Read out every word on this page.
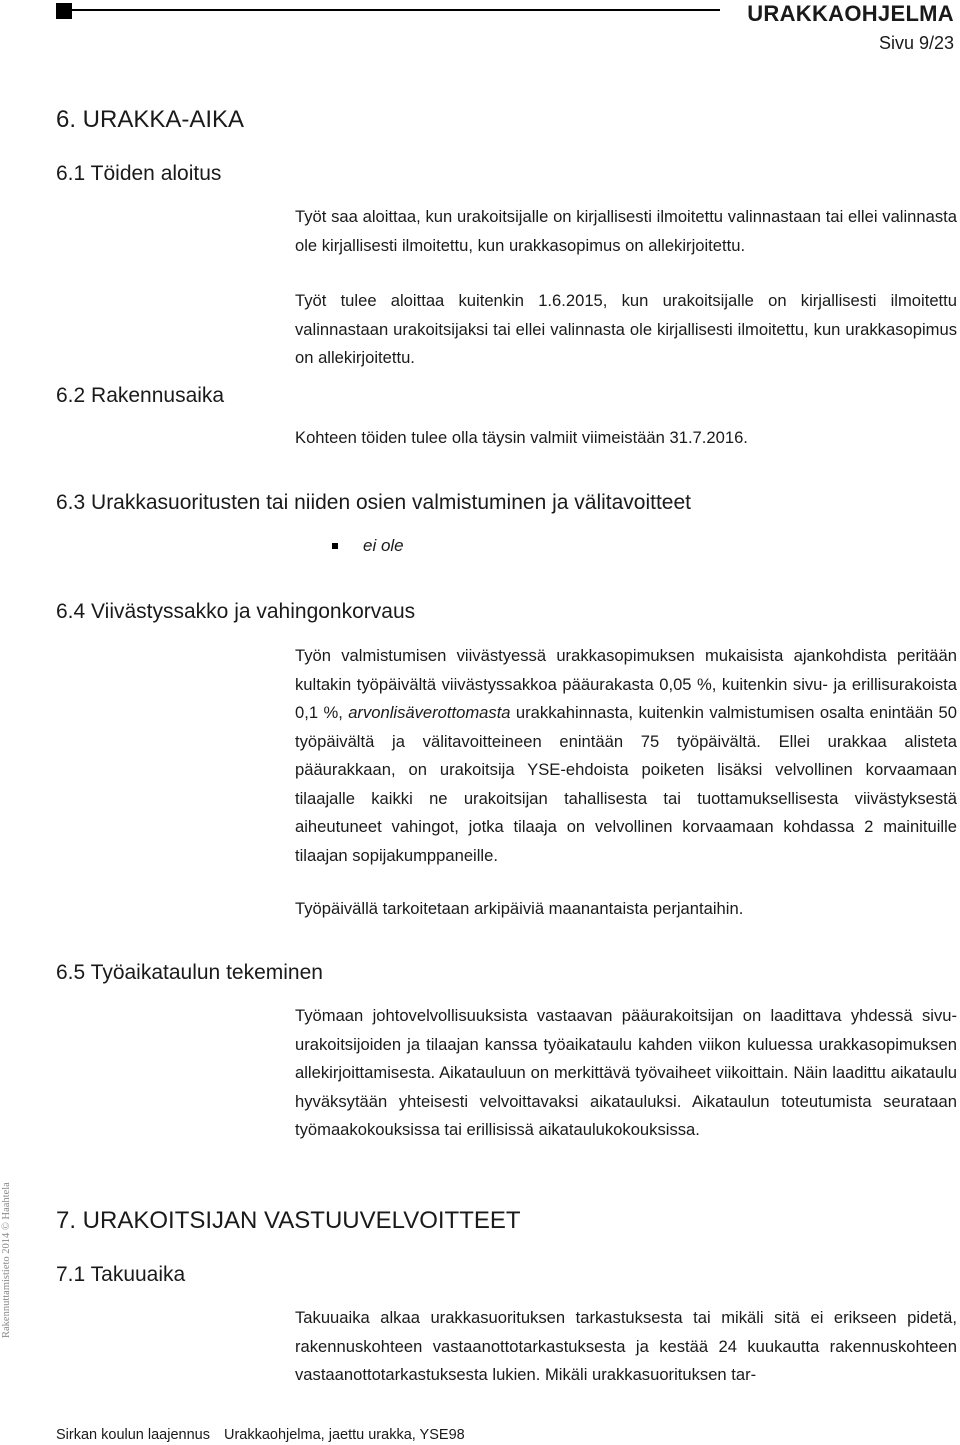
URAKKAOHJELMA
Sivu 9/23
6. URAKKA-AIKA
6.1 Töiden aloitus
Työt saa aloittaa, kun urakoitsijalle on kirjallisesti ilmoitettu valinnastaan tai ellei valinnasta ole kirjallisesti ilmoitettu, kun urakkasopimus on allekirjoitettu.
Työt tulee aloittaa kuitenkin 1.6.2015, kun urakoitsijalle on kirjallisesti ilmoitettu valinnastaan urakoitsijaksi tai ellei valinnasta ole kirjallisesti ilmoitettu, kun urakkasopimus on allekirjoitettu.
6.2 Rakennusaika
Kohteen töiden tulee olla täysin valmiit viimeistään 31.7.2016.
6.3 Urakkasuoritusten tai niiden osien valmistuminen ja välitavoitteet
ei ole
6.4 Viivästyssakko ja vahingonkorvaus
Työn valmistumisen viivästyessä urakkasopimuksen mukaisista ajankohdista peritään kultakin työpäivältä viivästyssakkoa pääurakasta 0,05 %, kuitenkin sivu- ja erillisurakoista 0,1 %, arvonlisäverottomasta urakkahinnasta, kuitenkin valmistumisen osalta enintään 50 työpäivältä ja välitavoitteineen enintään 75 työpäivältä. Ellei urakkaa alisteta pääurakkaan, on urakoitsija YSE-ehdoista poiketen lisäksi velvollinen korvaamaan tilaajalle kaikki ne urakoitsijan tahallisesta tai tuottamuksellisesta viivästyksestä aiheutuneet vahingot, jotka tilaaja on velvollinen korvaamaan kohdassa 2 mainituille tilaajan sopijakumppaneille.
Työpäivällä tarkoitetaan arkipäiviä maanantaista perjantaihin.
6.5 Työaikataulun tekeminen
Työmaan johtovelvollisuuksista vastaavan pääurakoitsijan on laadittava yhdessä sivu-urakoitsijoiden ja tilaajan kanssa työaikataulu kahden viikon kuluessa urakkasopimuksen allekirjoittamisesta. Aikatauluun on merkittävä työvaiheet viikoittain. Näin laadittu aikataulu hyväksytään yhteisesti velvoittavaksi aikatauluksi. Aikataulun toteutumista seurataan työmaakokouksissa tai erillisissä aikataulukokouksissa.
7. URAKOITSIJAN VASTUUVELVOITTEET
7.1 Takuuaika
Takuuaika alkaa urakkasuorituksen tarkastuksesta tai mikäli sitä ei erikseen pidetä, rakennuskohteen vastaanottotarkastuksesta ja kestää 24 kuukautta rakennuskohteen vastaanottotarkastuksesta lukien. Mikäli urakkasuorituksen tar-
Rakennuttamistieto 2014 © Haahtela
Sirkan koulun laajennus Urakkaohjelma, jaettu urakka, YSE98
